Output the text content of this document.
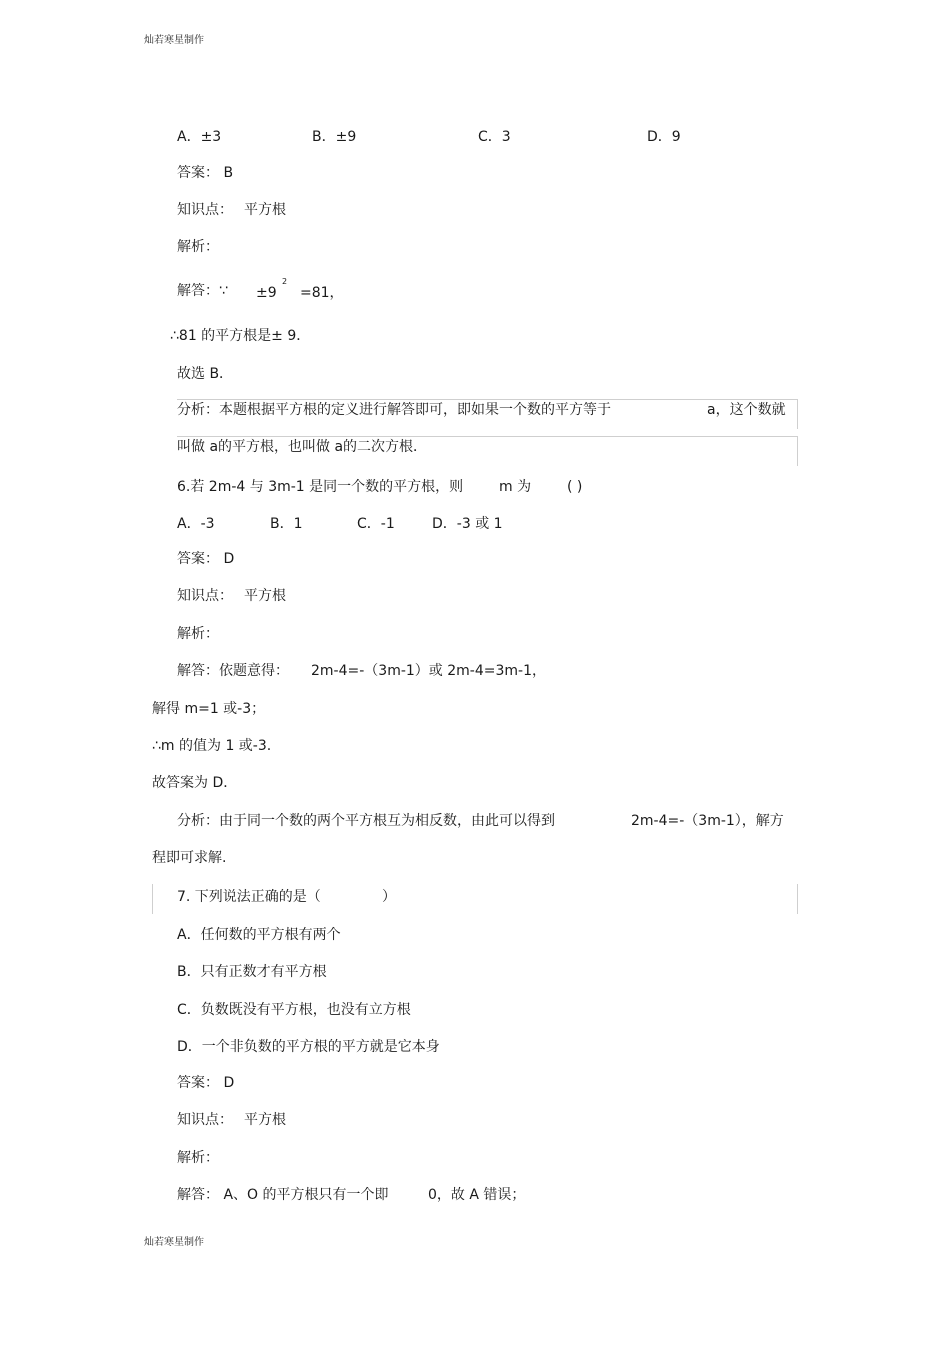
灿若寒星制作
灿若寒星制作
A．±3	B．±9	C．3	D．9
答案： B
知识点： 平方根
解析：
解答：∵ ±9
2
=81，
∴81 的平方根是± 9．
故选 B．
分析：本题根据平方根的定义进行解答即可，即如果一个数的平方等于	a，这个数就
叫做 a的平方根，也叫做 a的二次方根．
6.若 2m-4 与 3m-1 是同一个数的平方根，则	m 为	( )
A．-3	B．1	C．-1	D．-3 或 1
答案： D
知识点： 平方根
解析：
解答：依题意得： 2m-4=-（3m-1）或 2m-4=3m-1，
解得 m=1 或-3；
∴m 的值为 1 或-3.
故答案为 D．
分析：由于同一个数的两个平方根互为相反数，由此可以得到	2m-4=-（3m-1），解方
程即可求解.
7. 下列说法正确的是（	）
A．任何数的平方根有两个
B．只有正数才有平方根
C．负数既没有平方根，也没有立方根
D．一个非负数的平方根的平方就是它本身
答案： D
知识点： 平方根
解析：
解答： A、O 的平方根只有一个即	0，故 A 错误；
